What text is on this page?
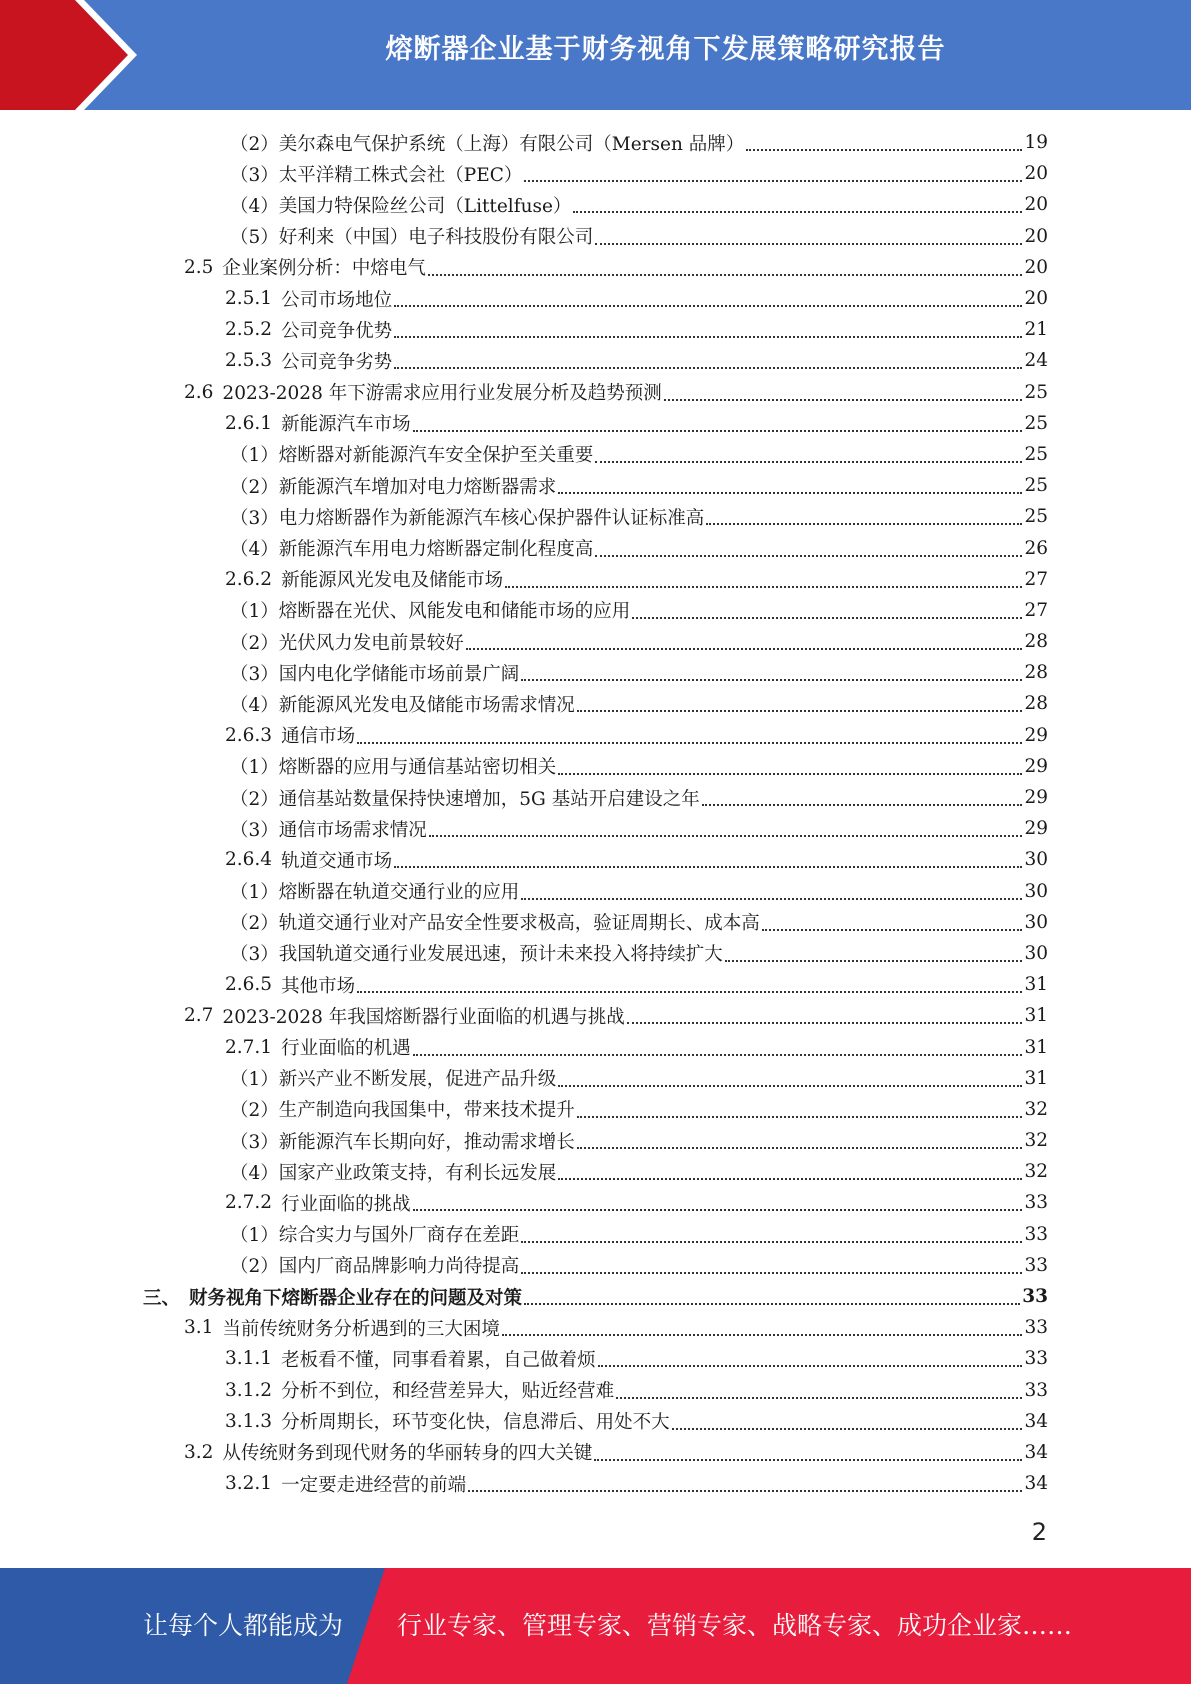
熔断器企业基于财务视角下发展策略研究报告
（2） 美尔森电气保护系统（上海）有限公司（Mersen 品牌）	19
（3） 太平洋精工株式会社（PEC）	20
（4） 美国力特保险丝公司（Littelfuse）	20
（5） 好利来（中国）电子科技股份有限公司	20
2.5 企业案例分析：中熔电气	20
2.5.1 公司市场地位	20
2.5.2 公司竞争优势	21
2.5.3 公司竞争劣势	24
2.6 2023-2028 年下游需求应用行业发展分析及趋势预测	25
2.6.1 新能源汽车市场	25
（1） 熔断器对新能源汽车安全保护至关重要	25
（2） 新能源汽车增加对电力熔断器需求	25
（3） 电力熔断器作为新能源汽车核心保护器件认证标准高	25
（4） 新能源汽车用电力熔断器定制化程度高	26
2.6.2 新能源风光发电及储能市场	27
（1） 熔断器在光伏、风能发电和储能市场的应用	27
（2） 光伏风力发电前景较好	28
（3） 国内电化学储能市场前景广阔	28
（4） 新能源风光发电及储能市场需求情况	28
2.6.3 通信市场	29
（1） 熔断器的应用与通信基站密切相关	29
（2） 通信基站数量保持快速增加，5G 基站开启建设之年	29
（3） 通信市场需求情况	29
2.6.4 轨道交通市场	30
（1） 熔断器在轨道交通行业的应用	30
（2） 轨道交通行业对产品安全性要求极高，验证周期长、成本高	30
（3） 我国轨道交通行业发展迅速，预计未来投入将持续扩大	30
2.6.5 其他市场	31
2.7 2023-2028 年我国熔断器行业面临的机遇与挑战	31
2.7.1 行业面临的机遇	31
（1） 新兴产业不断发展，促进产品升级	31
（2） 生产制造向我国集中，带来技术提升	32
（3） 新能源汽车长期向好，推动需求增长	32
（4） 国家产业政策支持，有利长远发展	32
2.7.2 行业面临的挑战	33
（1） 综合实力与国外厂商存在差距	33
（2） 国内厂商品牌影响力尚待提高	33
三、 财务视角下熔断器企业存在的问题及对策	33
3.1 当前传统财务分析遇到的三大困境	33
3.1.1 老板看不懂，同事看着累，自己做着烦	33
3.1.2 分析不到位，和经营差异大，贴近经营难	33
3.1.3 分析周期长，环节变化快，信息滞后、用处不大	34
3.2 从传统财务到现代财务的华丽转身的四大关键	34
3.2.1 一定要走进经营的前端	34
2
让每个人都能成为 行业专家、管理专家、营销专家、战略专家、成功企业家……
